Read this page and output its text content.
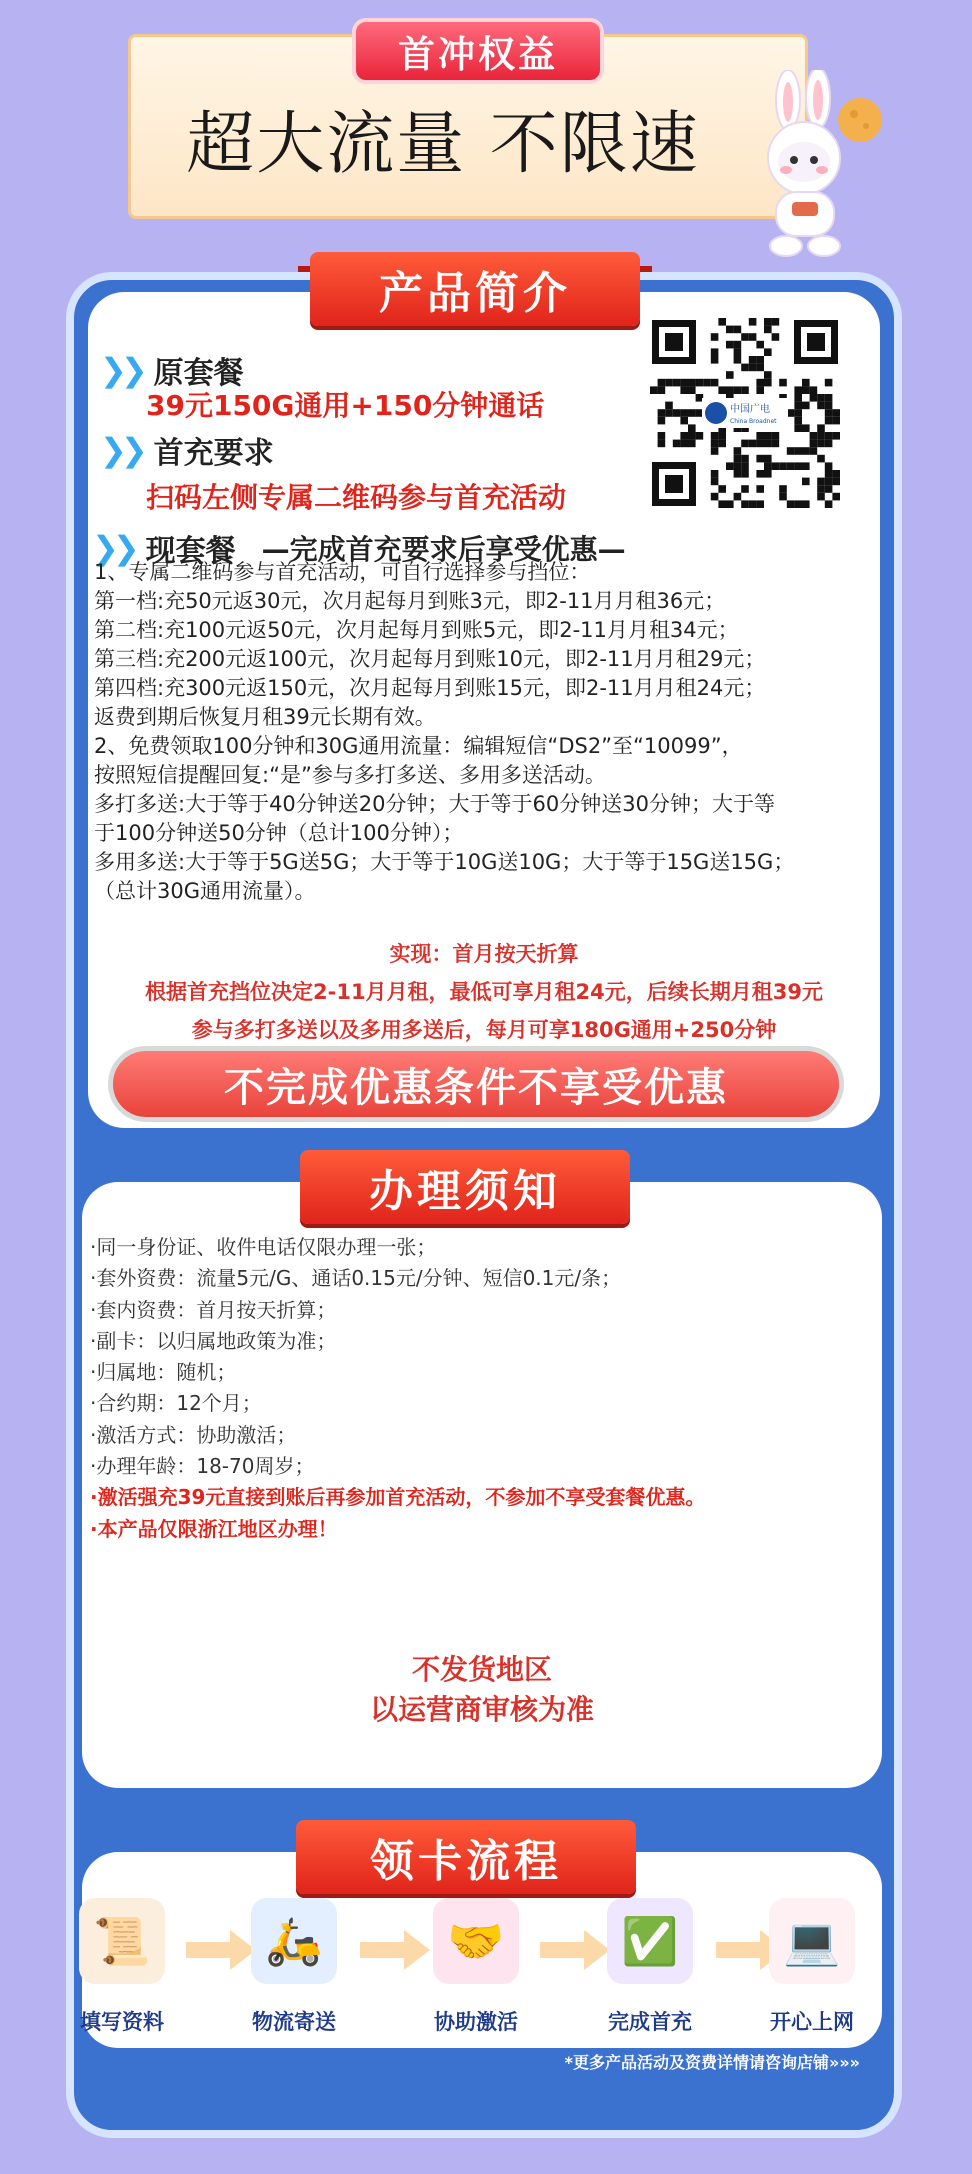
首冲权益
超大流量 不限速
产品简介
❯❯ 原套餐
39元150G通用+150分钟通话
❯❯ 首充要求
扫码左侧专属二维码参与首充活动
❯❯ 现套餐 —完成首充要求后享受优惠—
中国广电
China Broadnet

1、专属二维码参与首充活动，可自行选择参与挡位：

第一档:充50元返30元，次月起每月到账3元，即2-11月月租36元；

第二档:充100元返50元，次月起每月到账5元，即2-11月月租34元；

第三档:充200元返100元，次月起每月到账10元，即2-11月月租29元；

第四档:充300元返150元，次月起每月到账15元，即2-11月月租24元；

返费到期后恢复月租39元长期有效。

2、免费领取100分钟和30G通用流量：编辑短信“DS2”至“10099”，

按照短信提醒回复:“是”参与多打多送、多用多送活动。

多打多送:大于等于40分钟送20分钟；大于等于60分钟送30分钟；大于等

于100分钟送50分钟（总计100分钟）；

多用多送:大于等于5G送5G；大于等于10G送10G；大于等于15G送15G；

（总计30G通用流量）。

实现：首月按天折算
根据首充挡位决定2-11月月租，最低可享月租24元，后续长期月租39元
参与多打多送以及多用多送后，每月可享180G通用+250分钟
不完成优惠条件不享受优惠
办理须知
·同一身份证、收件电话仅限办理一张；
·套外资费：流量5元/G、通话0.15元/分钟、短信0.1元/条；
·套内资费：首月按天折算；
·副卡：以归属地政策为准；
·归属地：随机；
·合约期：12个月；
·激活方式：协助激活；
·办理年龄：18-70周岁；
·激活强充39元直接到账后再参加首充活动，不参加不享受套餐优惠。
·本产品仅限浙江地区办理！
不发货地区
以运营商审核为准
领卡流程
📜
填写资料
🛵
物流寄送
🤝
协助激活
✅
完成首充
💻
开心上网
*更多产品活动及资费详情请咨询店铺»»»
